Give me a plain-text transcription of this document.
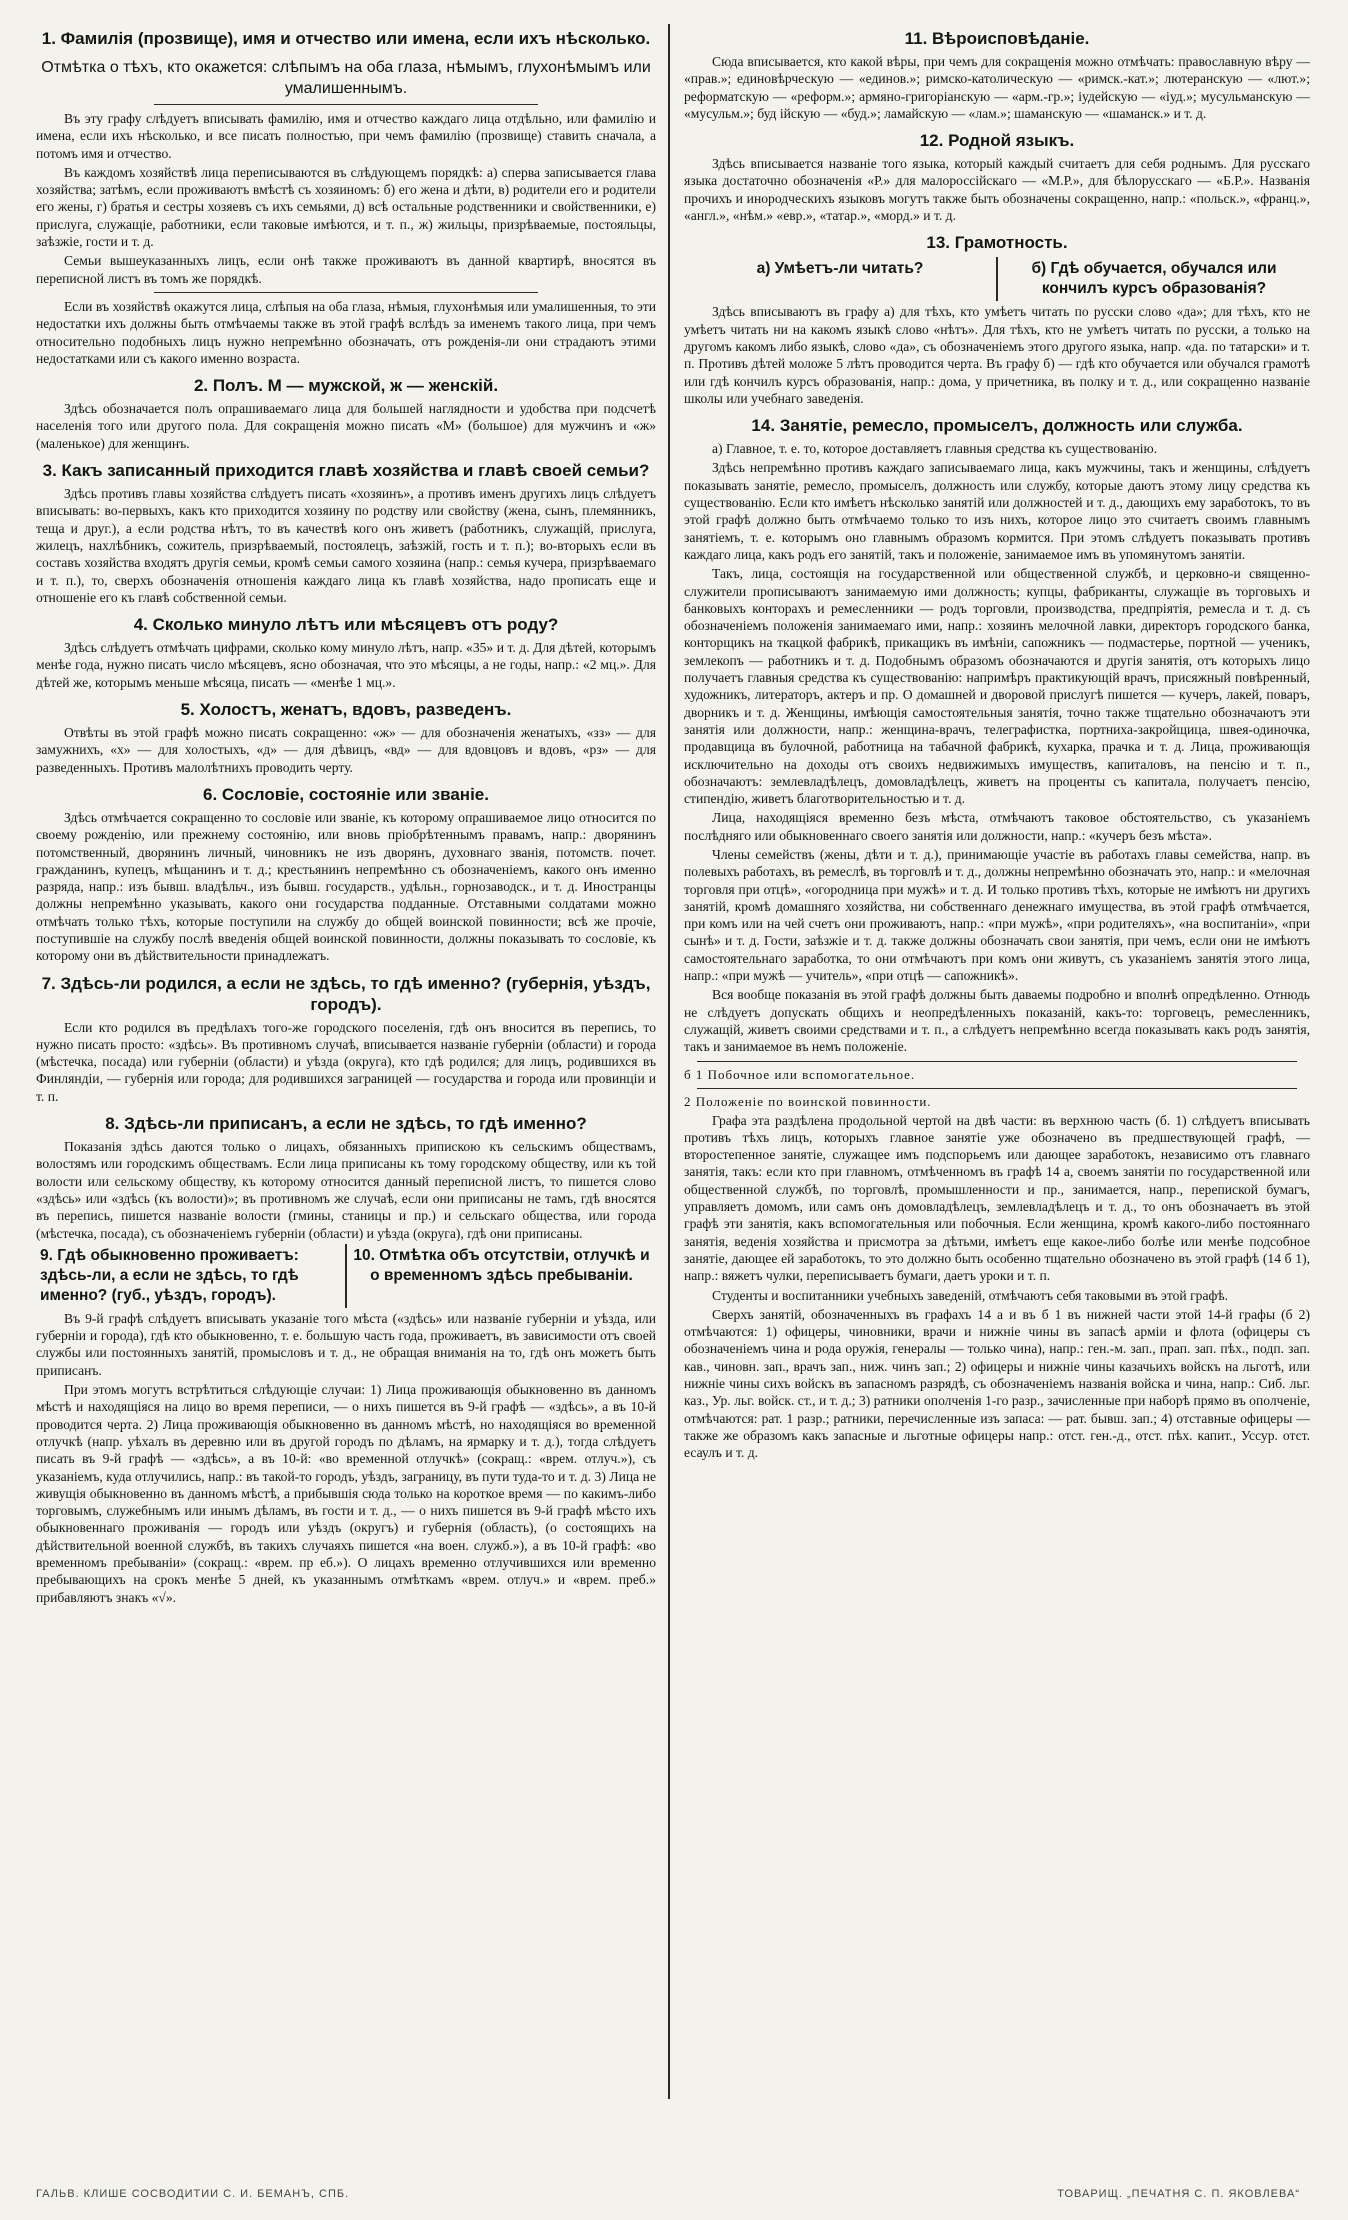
1. Фамилія (прозвище), имя и отчество или имена, если ихъ нѣсколько.
Отмѣтка о тѣхъ, кто окажется: слѣпымъ на оба глаза, нѣмымъ, глухонѣмымъ или умалишеннымъ.

Въ эту графу слѣдуетъ вписывать фамилію, имя и отчество каждаго лица отдѣльно, или фамилію и имена, если ихъ нѣсколько, и все писать полностью, при чемъ фамилію (прозвище) ставить сначала, а потомъ имя и отчество.

Въ каждомъ хозяйствѣ лица переписываются въ слѣдующемъ порядкѣ: а) сперва записывается глава хозяйства; затѣмъ, если проживаютъ вмѣстѣ съ хозяиномъ: б) его жена и дѣти, в) родители его и родители его жены, г) братья и сестры хозяевъ съ ихъ семьями, д) всѣ остальные родственники и свойственники, е) прислуга, служащіе, работники, если таковые имѣются, и т. п., ж) жильцы, призрѣваемые, постояльцы, заѣзжіе, гости и т. д.

Семьи вышеуказанныхъ лицъ, если онѣ также проживаютъ въ данной квартирѣ, вносятся въ переписной листъ въ томъ же порядкѣ.

Если въ хозяйствѣ окажутся лица, слѣпыя на оба глаза, нѣмыя, глухонѣмыя или умалишенныя, то эти недостатки ихъ должны быть отмѣчаемы также въ этой графѣ вслѣдъ за именемъ такого лица, при чемъ относительно подобныхъ лицъ нужно непремѣнно обозначать, отъ рожденія-ли они страдаютъ этими недостатками или съ какого именно возраста.

2. Полъ. М — мужской, ж — женскій.

Здѣсь обозначается полъ опрашиваемаго лица для большей наглядности и удобства при подсчетѣ населенія того или другого пола. Для сокращенія можно писать «М» (большое) для мужчинъ и «ж» (маленькое) для женщинъ.

3. Какъ записанный приходится главѣ хозяйства и главѣ своей семьи?

Здѣсь противъ главы хозяйства слѣдуетъ писать «хозяинъ», а противъ именъ другихъ лицъ слѣдуетъ вписывать: во-первыхъ, какъ кто приходится хозяину по родству или свойству (жена, сынъ, племянникъ, теща и друг.), а если родства нѣтъ, то въ качествѣ кого онъ живетъ (работникъ, служащій, прислуга, жилецъ, нахлѣбникъ, сожитель, призрѣваемый, постоялецъ, заѣзжій, гость и т. п.); во-вторыхъ если въ составъ хозяйства входятъ другія семьи, кромѣ семьи самого хозяина (напр.: семья кучера, призрѣваемаго и т. п.), то, сверхъ обозначенія отношенія каждаго лица къ главѣ хозяйства, надо прописать еще и отношеніе его къ главѣ собственной семьи.

4. Сколько минуло лѣтъ или мѣсяцевъ отъ роду?

Здѣсь слѣдуетъ отмѣчать цифрами, сколько кому минуло лѣтъ, напр. «35» и т. д. Для дѣтей, которымъ менѣе года, нужно писать число мѣсяцевъ, ясно обозначая, что это мѣсяцы, а не годы, напр.: «2 мц.». Для дѣтей же, которымъ меньше мѣсяца, писать — «менѣе 1 мц.».

5. Холостъ, женатъ, вдовъ, разведенъ.

Отвѣты въ этой графѣ можно писать сокращенно: «ж» — для обозначенія женатыхъ, «зз» — для замужнихъ, «х» — для холостыхъ, «д» — для дѣвицъ, «вд» — для вдовцовъ и вдовъ, «рз» — для разведенныхъ. Противъ малолѣтнихъ проводить черту.

6. Сословіе, состояніе или званіе.

Здѣсь отмѣчается сокращенно то сословіе или званіе, къ которому опрашиваемое лицо относится по своему рожденію, или прежнему состоянію, или вновь пріобрѣтеннымъ правамъ, напр.: дворянинъ потомственный, дворянинъ личный, чиновникъ не изъ дворянъ, духовнаго званія, потомств. почет. гражданинъ, купецъ, мѣщанинъ и т. д.; крестьянинъ непремѣнно съ обозначеніемъ, какого онъ именно разряда, напр.: изъ бывш. владѣльч., изъ бывш. государств., удѣльн., горнозаводск., и т. д. Иностранцы должны непремѣнно указывать, какого они государства подданные. Отставными солдатами можно отмѣчать только тѣхъ, которые поступили на службу до общей воинской повинности; всѣ же прочіе, поступившіе на службу послѣ введенія общей воинской повинности, должны показывать то сословіе, къ которому они въ дѣйствительности принадлежатъ.

7. Здѣсь-ли родился, а если не здѣсь, то гдѣ именно? (губернія, уѣздъ, городъ).

Если кто родился въ предѣлахъ того-же городского поселенія, гдѣ онъ вносится въ перепись, то нужно писать просто: «здѣсь». Въ противномъ случаѣ, вписывается названіе губерніи (области) и города (мѣстечка, посада) или губерніи (области) и уѣзда (округа), кто гдѣ родился; для лицъ, родившихся въ Финляндіи, — губернія или города; для родившихся заграницей — государства и города или провинціи и т. п.

8. Здѣсь-ли приписанъ, а если не здѣсь, то гдѣ именно?

Показанія здѣсь даются только о лицахъ, обязанныхъ припискою къ сельскимъ обществамъ, волостямъ или городскимъ обществамъ. Если лица приписаны къ тому городскому обществу, или къ той волости или сельскому обществу, къ которому относится данный переписной листъ, то пишется слово «здѣсь» или «здѣсь (къ волости)»; въ противномъ же случаѣ, если они приписаны не тамъ, гдѣ вносятся въ перепись, пишется названіе волости (гмины, станицы и пр.) и сельскаго общества, или города (мѣстечка, посада), съ обозначеніемъ губерніи (области) и уѣзда (округа), гдѣ они приписаны.

9. Гдѣ обыкновенно проживаетъ: здѣсь-ли, а если не здѣсь, то гдѣ именно? (губ., уѣздъ, городъ).
10. Отмѣтка объ отсутствіи, отлучкѣ и о временномъ здѣсь пребываніи.

Въ 9-й графѣ слѣдуетъ вписывать указаніе того мѣста («здѣсь» или названіе губерніи и уѣзда, или губерніи и города), гдѣ кто обыкновенно, т. е. большую часть года, проживаетъ, въ зависимости отъ своей службы или постоянныхъ занятій, промысловъ и т. д., не обращая вниманія на то, гдѣ онъ можетъ быть приписанъ.

При этомъ могутъ встрѣтиться слѣдующіе случаи: 1) Лица проживающія обыкновенно въ данномъ мѣстѣ и находящіяся на лицо во время переписи, — о нихъ пишется въ 9-й графѣ — «здѣсь», а въ 10-й проводится черта. 2) Лица проживающія обыкновенно въ данномъ мѣстѣ, но находящіяся во временной отлучкѣ (напр. уѣхалъ въ деревню или въ другой городъ по дѣламъ, на ярмарку и т. д.), тогда слѣдуетъ писать въ 9-й графѣ — «здѣсь», а въ 10-й: «во временной отлучкѣ» (сокращ.: «врем. отлуч.»), съ указаніемъ, куда отлучились, напр.: въ такой-то городъ, уѣздъ, заграницу, въ пути туда-то и т. д. 3) Лица не живущія обыкновенно въ данномъ мѣстѣ, а прибывшія сюда только на короткое время — по какимъ-либо торговымъ, служебнымъ или инымъ дѣламъ, въ гости и т. д., — о нихъ пишется въ 9-й графѣ мѣсто ихъ обыкновеннаго проживанія — городъ или уѣздъ (округъ) и губернія (область), (о состоящихъ на дѣйствительной военной службѣ, въ такихъ случаяхъ пишется «на воен. служб.»), а въ 10-й графѣ: «во временномъ пребываніи» (сокращ.: «врем. пр еб.»). О лицахъ временно отлучившихся или временно пребывающихъ на срокъ менѣе 5 дней, къ указаннымъ отмѣткамъ «врем. отлуч.» и «врем. преб.» прибавляютъ знакъ «√».

11. Вѣроисповѣданіе.

Сюда вписывается, кто какой вѣры, при чемъ для сокращенія можно отмѣчать: православную вѣру — «прав.»; единовѣрческую — «единов.»; римско-католическую — «римск.-кат.»; лютеранскую — «лют.»; реформатскую — «реформ.»; армяно-григоріанскую — «арм.-гр.»; іудейскую — «іуд.»; мусульманскую — «мусульм.»; буд ійскую — «буд.»; ламайскую — «лам.»; шаманскую — «шаманск.» и т. д.

12. Родной языкъ.

Здѣсь вписывается названіе того языка, который каждый считаетъ для себя роднымъ. Для русскаго языка достаточно обозначенія «Р.» для малороссійскаго — «М.Р.», для бѣлорусскаго — «Б.Р.». Названія прочихъ и инородческихъ языковъ могутъ также быть обозначены сокращенно, напр.: «польск.», «франц.», «англ.», «нѣм.» «евр.», «татар.», «морд.» и т. д.

13. Грамотность.
а) Умѣетъ-ли читать?	б) Гдѣ обучается, обучался или кончилъ курсъ образованія?

Здѣсь вписываютъ въ графу а) для тѣхъ, кто умѣетъ читать по русски слово «да»; для тѣхъ, кто не умѣетъ читать ни на какомъ языкѣ слово «нѣтъ». Для тѣхъ, кто не умѣетъ читать по русски, а только на другомъ какомъ либо языкѣ, слово «да», съ обозначеніемъ этого другого языка, напр. «да. по татарски» и т. п. Противъ дѣтей моложе 5 лѣтъ проводится черта. Въ графу б) — гдѣ кто обучается или обучался грамотѣ или гдѣ кончилъ курсъ образованія, напр.: дома, у причетника, въ полку и т. д., или сокращенно названіе школы или учебнаго заведенія.

14. Занятіе, ремесло, промыселъ, должность или служба.

а) Главное, т. е. то, которое доставляетъ главныя средства къ существованію.

Здѣсь непремѣнно противъ каждаго записываемаго лица, какъ мужчины, такъ и женщины, слѣдуетъ показывать занятіе, ремесло, промыселъ, должность или службу, которые даютъ этому лицу средства къ существованію. Если кто имѣетъ нѣсколько занятій или должностей и т. д., дающихъ ему заработокъ, то въ этой графѣ должно быть отмѣчаемо только то изъ нихъ, которое лицо это считаетъ своимъ главнымъ занятіемъ, т. е. которымъ оно главнымъ образомъ кормится. При этомъ слѣдуетъ показывать противъ каждаго лица, какъ родъ его занятій, такъ и положеніе, занимаемое имъ въ упомянутомъ занятіи.

Такъ, лица, состоящія на государственной или общественной службѣ, и церковно-и священно-служители прописываютъ занимаемую ими должность; купцы, фабриканты, служащіе въ торговыхъ и банковыхъ конторахъ и ремесленники — родъ торговли, производства, предпріятія, ремесла и т. д. съ обозначеніемъ положенія занимаемаго ими, напр.: хозяинъ мелочной лавки, директоръ городского банка, конторщикъ на ткацкой фабрикѣ, прикащикъ въ имѣніи, сапожникъ — подмастерье, портной — ученикъ, землекопъ — работникъ и т. д. Подобнымъ образомъ обозначаются и другія занятія, отъ которыхъ лицо получаетъ главныя средства къ существованію: напримѣръ практикующій врачъ, присяжный повѣренный, художникъ, литераторъ, актеръ и пр. О домашней и дворовой прислугѣ пишется — кучеръ, лакей, поваръ, дворникъ и т. д. Женщины, имѣющія самостоятельныя занятія, точно также тщательно обозначаютъ эти занятія или должности, напр.: женщина-врачъ, телеграфистка, портниха-закройщица, швея-одиночка, продавщица въ булочной, работница на табачной фабрикѣ, кухарка, прачка и т. д. Лица, проживающія исключительно на доходы отъ своихъ недвижимыхъ имуществъ, капиталовъ, на пенсію и т. п., обозначаютъ: землевладѣлецъ, домовладѣлецъ, живетъ на проценты съ капитала, получаетъ пенсію, стипендію, живетъ благотворительностью и т. д.

Лица, находящіяся временно безъ мѣста, отмѣчаютъ таковое обстоятельство, съ указаніемъ послѣдняго или обыкновеннаго своего занятія или должности, напр.: «кучеръ безъ мѣста».

Члены семействъ (жены, дѣти и т. д.), принимающіе участіе въ работахъ главы семейства, напр. въ полевыхъ работахъ, въ ремеслѣ, въ торговлѣ и т. д., должны непремѣнно обозначать это, напр.: и «мелочная торговля при отцѣ», «огородница при мужѣ» и т. д. И только противъ тѣхъ, которые не имѣютъ ни другихъ занятій, кромѣ домашняго хозяйства, ни собственнаго денежнаго имущества, въ этой графѣ отмѣчается, при комъ или на чей счетъ они проживаютъ, напр.: «при мужѣ», «при родителяхъ», «на воспитаніи», «при сынѣ» и т. д. Гости, заѣзжіе и т. д. также должны обозначать свои занятія, при чемъ, если они не имѣютъ самостоятельнаго заработка, то они отмѣчаютъ при комъ они живутъ, съ указаніемъ занятія этого лица, напр.: «при мужѣ — учитель», «при отцѣ — сапожникѣ».

Вся вообще показанія въ этой графѣ должны быть даваемы подробно и вполнѣ опредѣленно. Отнюдь не слѣдуетъ допускать общихъ и неопредѣленныхъ показаній, какъ-то: торговецъ, ремесленникъ, служащій, живетъ своими средствами и т. п., а слѣдуетъ непремѣнно всегда показывать какъ родъ занятія, такъ и занимаемое въ немъ положеніе.

б 1 Побочное или вспомогательное.

2 Положеніе по воинской повинности.

Графа эта раздѣлена продольной чертой на двѣ части: въ верхнюю часть (б. 1) слѣдуетъ вписывать противъ тѣхъ лицъ, которыхъ главное занятіе уже обозначено въ предшествующей графѣ, — второстепенное занятіе, служащее имъ подспорьемъ или дающее заработокъ, независимо отъ главнаго занятія, такъ: если кто при главномъ, отмѣченномъ въ графѣ 14 а, своемъ занятіи по государственной или общественной службѣ, по торговлѣ, промышленности и пр., занимается, напр., перепиской бумагъ, управляетъ домомъ, или самъ онъ домовладѣлецъ, землевладѣлецъ и т. д., то онъ обозначаетъ въ этой графѣ эти занятія, какъ вспомогательныя или побочныя. Если женщина, кромѣ какого-либо постояннаго занятія, веденія хозяйства и присмотра за дѣтьми, имѣетъ еще какое-либо болѣе или менѣе подсобное занятіе, дающее ей заработокъ, то это должно быть особенно тщательно обозначено въ этой графѣ (14 б 1), напр.: вяжетъ чулки, переписываетъ бумаги, даетъ уроки и т. п.

Студенты и воспитанники учебныхъ заведеній, отмѣчаютъ себя таковыми въ этой графѣ.

Сверхъ занятій, обозначенныхъ въ графахъ 14 а и въ б 1 въ нижней части этой 14-й графы (б 2) отмѣчаются: 1) офицеры, чиновники, врачи и нижніе чины въ запасѣ арміи и флота (офицеры съ обозначеніемъ чина и рода оружія, генералы — только чина), напр.: ген.-м. зап., прап. зап. пѣх., подп. зап. кав., чиновн. зап., врачъ зап., ниж. чинъ зап.; 2) офицеры и нижніе чины казачьихъ войскъ на льготѣ, или нижніе чины сихъ войскъ въ запасномъ разрядѣ, съ обозначеніемъ названія войска и чина, напр.: Сиб. льг. каз., Ур. льг. войск. ст., и т. д.; 3) ратники ополченія 1-го разр., зачисленные при наборѣ прямо въ ополченіе, отмѣчаются: рат. 1 разр.; ратники, перечисленные изъ запаса: — рат. бывш. зап.; 4) отставные офицеры — также же образомъ какъ запасные и льготные офицеры напр.: отст. ген.-д., отст. пѣх. капит., Уссур. отст. есаулъ и т. д.

ГАЛЬВ. КЛИШЕ СОСВОДИТИИ С. И. БЕМАНЪ, СПБ.	ТОВАРИЩ. „ПЕЧАТНЯ С. П. ЯКОВЛЕВА“
